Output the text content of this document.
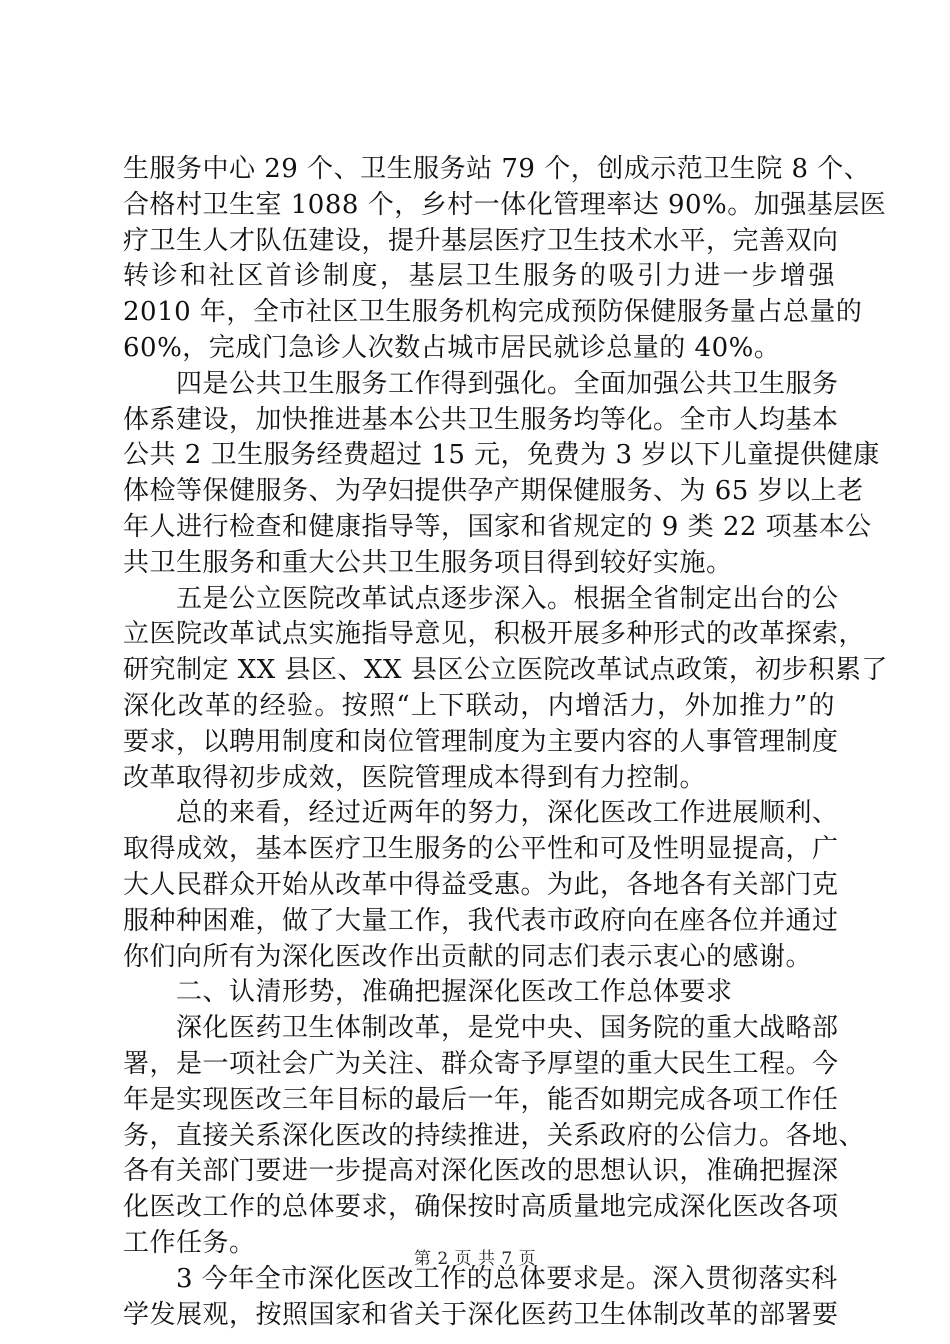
生服务中心 29 个、卫生服务站 79 个，创成示范卫生院 8 个、
合格村卫生室 1088 个，乡村一体化管理率达 90%。加强基层医
疗卫生人才队伍建设，提升基层医疗卫生技术水平，完善双向
转诊和社区首诊制度，基层卫生服务的吸引力进一步增强
2010 年，全市社区卫生服务机构完成预防保健服务量占总量的
60%，完成门急诊人次数占城市居民就诊总量的 40%。
　　四是公共卫生服务工作得到强化。全面加强公共卫生服务
体系建设，加快推进基本公共卫生服务均等化。全市人均基本
公共 2 卫生服务经费超过 15 元，免费为 3 岁以下儿童提供健康
体检等保健服务、为孕妇提供孕产期保健服务、为 65 岁以上老
年人进行检查和健康指导等，国家和省规定的 9 类 22 项基本公
共卫生服务和重大公共卫生服务项目得到较好实施。
　　五是公立医院改革试点逐步深入。根据全省制定出台的公
立医院改革试点实施指导意见，积极开展多种形式的改革探索，
研究制定 XX 县区、XX 县区公立医院改革试点政策，初步积累了
深化改革的经验。按照“上下联动，内增活力，外加推力”的
要求，以聘用制度和岗位管理制度为主要内容的人事管理制度
改革取得初步成效，医院管理成本得到有力控制。
　　总的来看，经过近两年的努力，深化医改工作进展顺利、
取得成效，基本医疗卫生服务的公平性和可及性明显提高，广
大人民群众开始从改革中得益受惠。为此，各地各有关部门克
服种种困难，做了大量工作，我代表市政府向在座各位并通过
你们向所有为深化医改作出贡献的同志们表示衷心的感谢。
　　二、认清形势，准确把握深化医改工作总体要求
　　深化医药卫生体制改革，是党中央、国务院的重大战略部
署，是一项社会广为关注、群众寄予厚望的重大民生工程。今
年是实现医改三年目标的最后一年，能否如期完成各项工作任
务，直接关系深化医改的持续推进，关系政府的公信力。各地、
各有关部门要进一步提高对深化医改的思想认识，准确把握深
化医改工作的总体要求，确保按时高质量地完成深化医改各项
工作任务。
　　3 今年全市深化医改工作的总体要求是。深入贯彻落实科
学发展观，按照国家和省关于深化医药卫生体制改革的部署要
第 2 页 共 7 页
